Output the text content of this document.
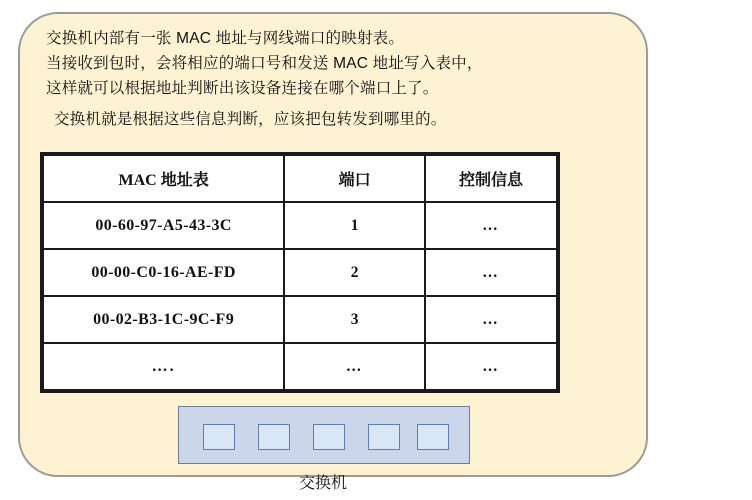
交换机内部有一张 MAC 地址与网线端口的映射表。
当接收到包时，会将相应的端口号和发送 MAC 地址写入表中，
这样就可以根据地址判断出该设备连接在哪个端口上了。
交换机就是根据这些信息判断，应该把包转发到哪里的。
MAC 地址表	端口	控制信息
00-60-97-A5-43-3C	1	…
00-00-C0-16-AE-FD	2	…
00-02-B3-1C-9C-F9	3	…
….	…	…
交换机
